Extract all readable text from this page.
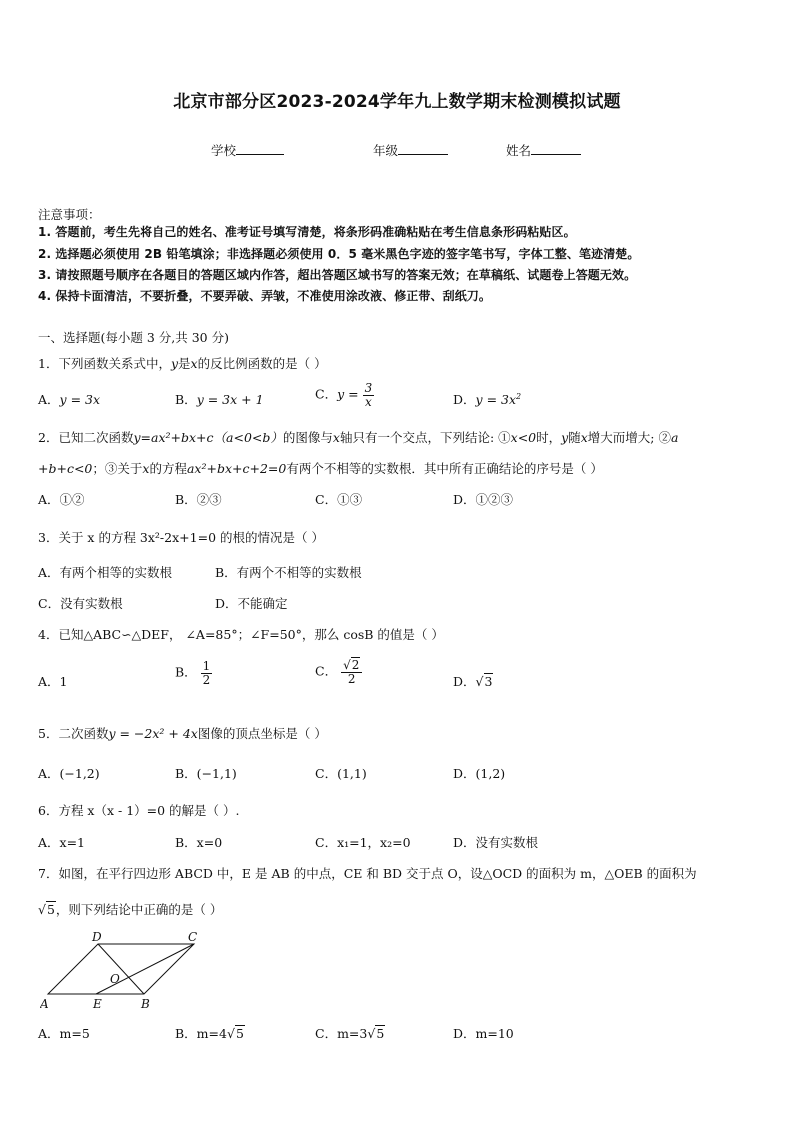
北京市部分区2023-2024学年九上数学期末检测模拟试题
学校	年级	姓名
注意事项：
1. 答题前，考生先将自己的姓名、准考证号填写清楚，将条形码准确粘贴在考生信息条形码粘贴区。
2. 选择题必须使用 2B 铅笔填涂；非选择题必须使用 0．5 毫米黑色字迹的签字笔书写，字体工整、笔迹清楚。
3. 请按照题号顺序在各题目的答题区域内作答，超出答题区域书写的答案无效；在草稿纸、试题卷上答题无效。
4. 保持卡面清洁，不要折叠，不要弄破、弄皱，不准使用涂改液、修正带、刮纸刀。
一、选择题(每小题 3 分,共 30 分)
1．下列函数关系式中，y是x的反比例函数的是（ ）
A．y = 3x	B．y = 3x + 1	C．$y = \frac{3}{x}$	D．$y = 3x^2$
2．已知二次函数y=ax²+bx+c（a<0<b）的图像与x轴只有一个交点，下列结论: ①x<0时，y随x增大而增大; ②a
+b+c<0；③关于x的方程ax²+bx+c+2=0有两个不相等的实数根．其中所有正确结论的序号是（ ）
A．①②	B．②③	C．①③	D．①②③
3．关于 x 的方程 3x²-2x+1=0 的根的情况是（ ）
A．有两个相等的实数根	B．有两个不相等的实数根
C．没有实数根	D．不能确定
4．已知△ABC∽△DEF， ∠A=85°；∠F=50°，那么 cosB 的值是（ ）
A．1
B． $\frac{1}{2}$	C． $\frac{√2}{2}$	D．√3
5．二次函数y = −2x² + 4x图像的顶点坐标是（ ）
A．(−1,2)	B．(−1,1)	C．(1,1)	D．(1,2)
6．方程 x（x - 1）=0 的解是（ ）.
A．x=1	B．x=0	C．x₁=1，x₂=0	D．没有实数根
7．如图，在平行四边形 ABCD 中，E 是 AB 的中点，CE 和 BD 交于点 O，设△OCD 的面积为 m，△OEB 的面积为
√5，则下列结论中正确的是（ ）
A	B
C
D
E
O
A．m=5	B．m=4√5	C．m=3√5	D．m=10
